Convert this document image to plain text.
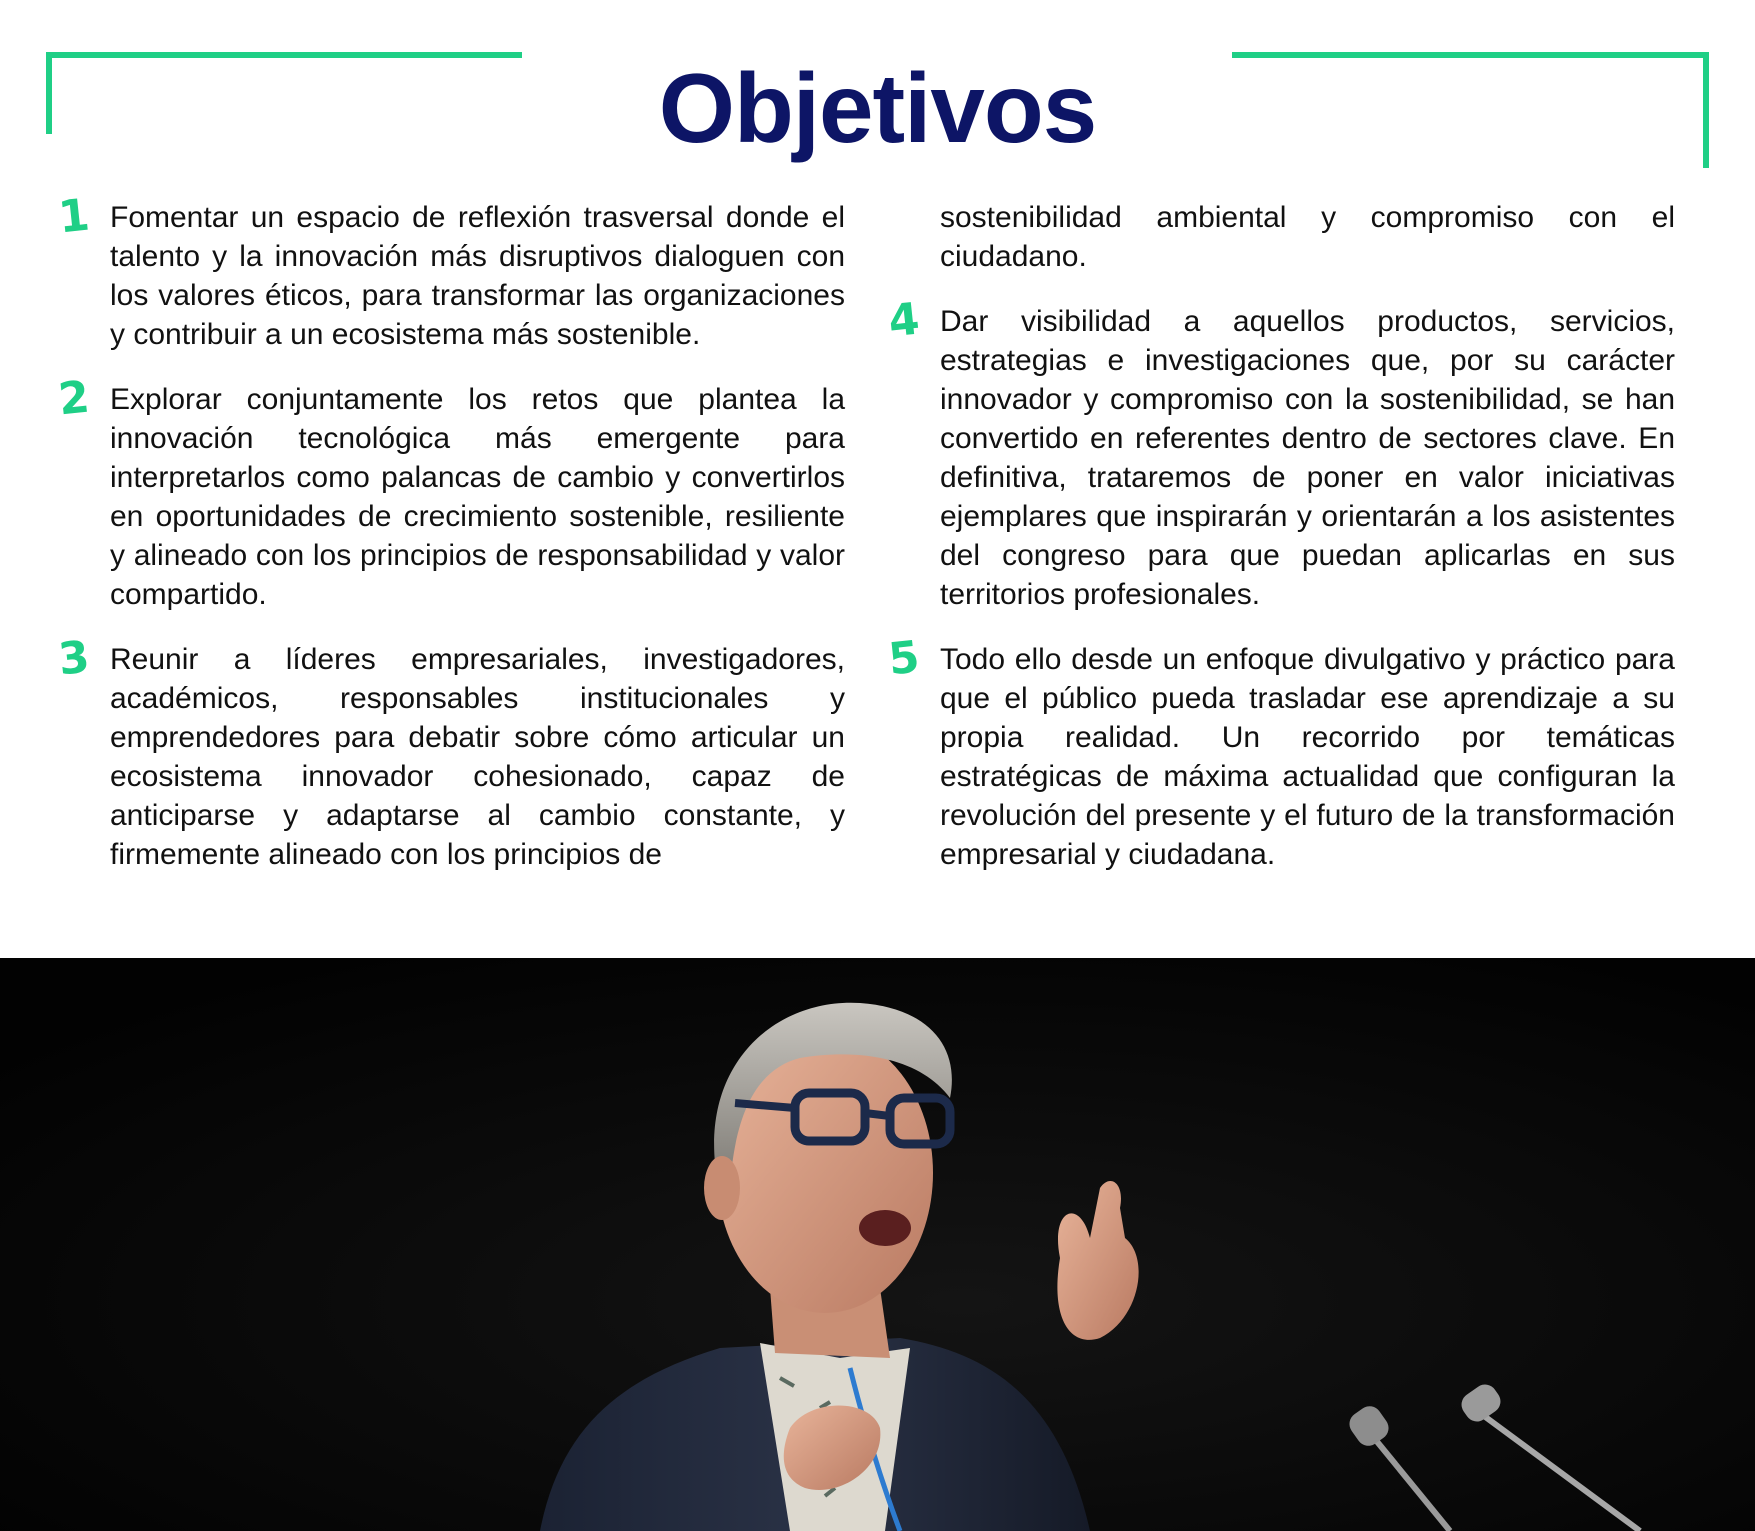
Objetivos
1 Fomentar un espacio de reflexión trasversal donde el talento y la innovación más disruptivos dialoguen con los valores éticos, para transformar las organizaciones y contribuir a un ecosistema más sostenible.

2 Explorar conjuntamente los retos que plantea la innovación tecnológica más emergente para interpretarlos como palancas de cambio y convertirlos en oportunidades de crecimiento sostenible, resiliente y alineado con los principios de responsabilidad y valor compartido.

3 Reunir a líderes empresariales, investigadores, académicos, responsables institucionales y emprendedores para debatir sobre cómo articular un ecosistema innovador cohesionado, capaz de anticiparse y adaptarse al cambio constante, y firmemente alineado con los principios de

sostenibilidad ambiental y compromiso con el ciudadano.

4 Dar visibilidad a aquellos productos, servicios, estrategias e investigaciones que, por su carácter innovador y compromiso con la sostenibilidad, se han convertido en referentes dentro de sectores clave. En definitiva, trataremos de poner en valor iniciativas ejemplares que inspirarán y orientarán a los asistentes del congreso para que puedan aplicarlas en sus territorios profesionales.

5 Todo ello desde un enfoque divulgativo y práctico para que el público pueda trasladar ese aprendizaje a su propia realidad. Un recorrido por temáticas estratégicas de máxima actualidad que configuran la revolución del presente y el futuro de la transformación empresarial y ciudadana.
